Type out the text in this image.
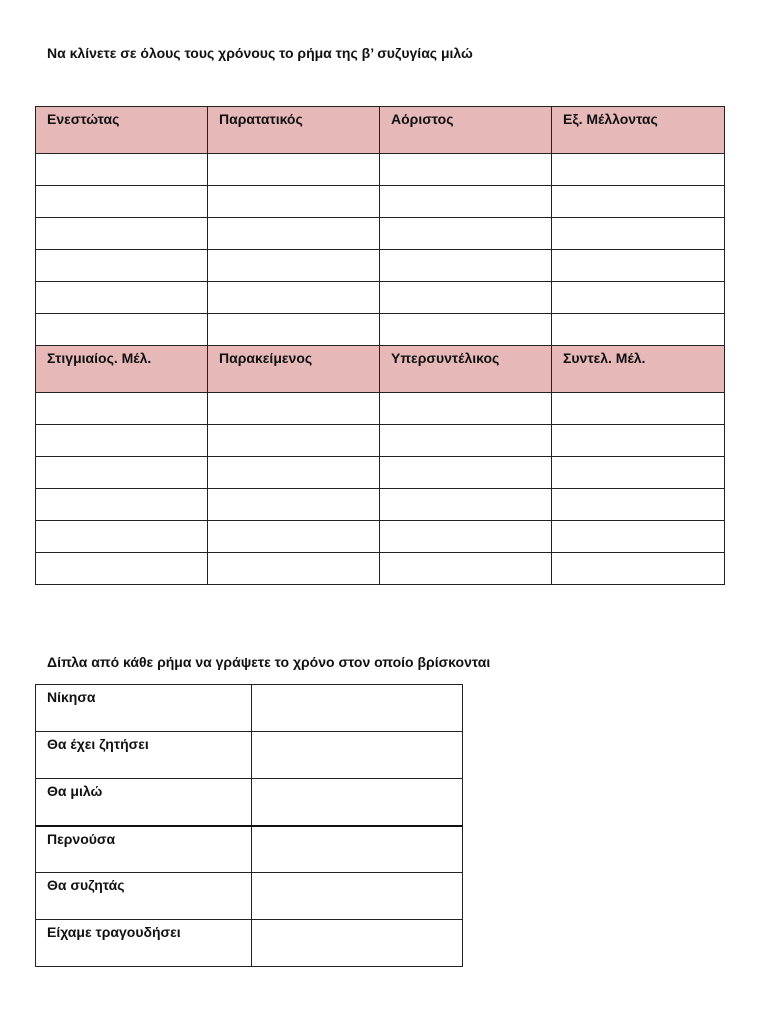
Να κλίνετε σε όλους τους χρόνους το ρήμα της β’ συζυγίας μιλώ
Ενεστώτας	Παρατατικός	Αόριστος	Εξ. Μέλλοντας

Στιγμιαίος. Μέλ.	Παρακείμενος	Υπερσυντέλικος	Συντελ. Μέλ.

Δίπλα από κάθε ρήμα να γράψετε το χρόνο στον οποίο βρίσκονται
Νίκησα	
Θα έχει ζητήσει	
Θα μιλώ	
Περνούσα	
Θα συζητάς	
Είχαμε τραγουδήσει	
